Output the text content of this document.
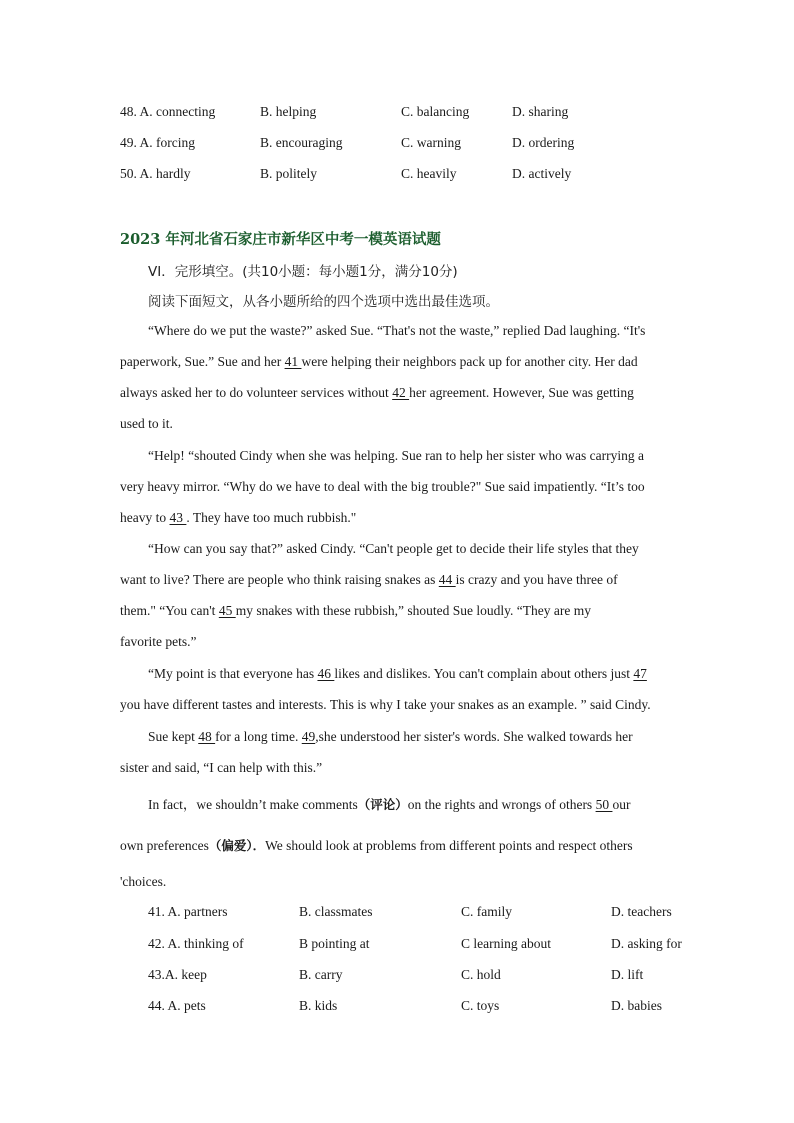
48. A. connecting	B. helping	C. balancing	D. sharing
49. A. forcing	B. encouraging	C. warning	D. ordering
50. A. hardly	B. politely	C. heavily	D. actively
2023 年河北省石家庄市新华区中考一模英语试题
VI．完形填空。(共10小题：每小题1分，满分10分)
阅读下面短文，从各小题所给的四个选项中选出最佳选项。
“Where do we put the waste?” asked Sue. “That's not the waste,” replied Dad laughing. “It's
paperwork, Sue.” Sue and her 41 were helping their neighbors pack up for another city. Her dad
always asked her to do volunteer services without 42 her agreement. However, Sue was getting
used to it.
“Help! “shouted Cindy when she was helping. Sue ran to help her sister who was carrying a
very heavy mirror. “Why do we have to deal with the big trouble?" Sue said impatiently. “It’s too
heavy to 43 . They have too much rubbish."
“How can you say that?” asked Cindy. “Can't people get to decide their life styles that they
want to live? There are people who think raising snakes as 44 is crazy and you have three of
them." “You can't 45 my snakes with these rubbish,” shouted Sue loudly. “They are my
favorite pets.”
“My point is that everyone has 46 likes and dislikes. You can't complain about others just 47
you have different tastes and interests. This is why I take your snakes as an example. ” said Cindy.
Sue kept 48 for a long time. 49,she understood her sister's words. She walked towards her
sister and said, “I can help with this.”
In fact，we shouldn’t make comments（评论）on the rights and wrongs of others 50 our
own preferences（偏爱）．We should look at problems from different points and respect others
'choices.
41. A. partners	B. classmates	C. family	D. teachers
42. A. thinking of	B pointing at	C learning about	D. asking for
43.A. keep	B. carry	C. hold	D. lift
44. A. pets	B. kids	C. toys	D. babies
